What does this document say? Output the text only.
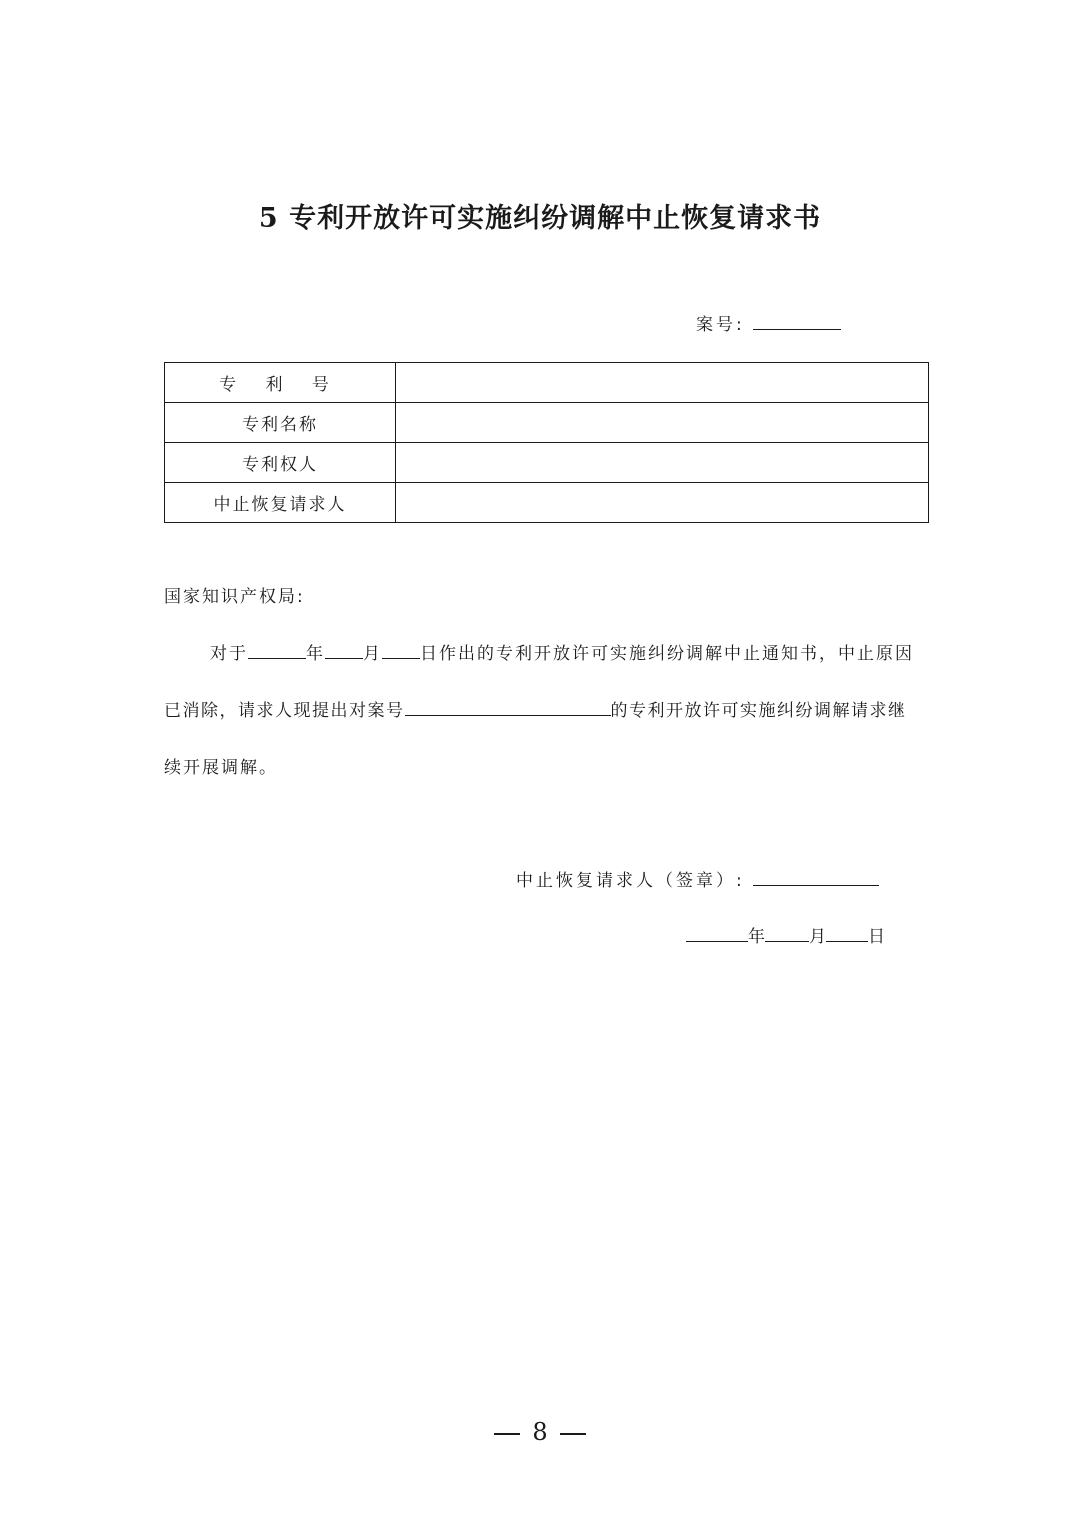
5 专利开放许可实施纠纷调解中止恢复请求书
案号:
专 利 号	
专利名称	
专利权人	
中止恢复请求人	
国家知识产权局:
对于	年 月 日作出的专利开放许可实施纠纷调解中止通知书，中止原因
已消除，请求人现提出对案号	的专利开放许可实施纠纷调解请求继
续开展调解。
中止恢复请求人（签章）:
年	月 日
8
